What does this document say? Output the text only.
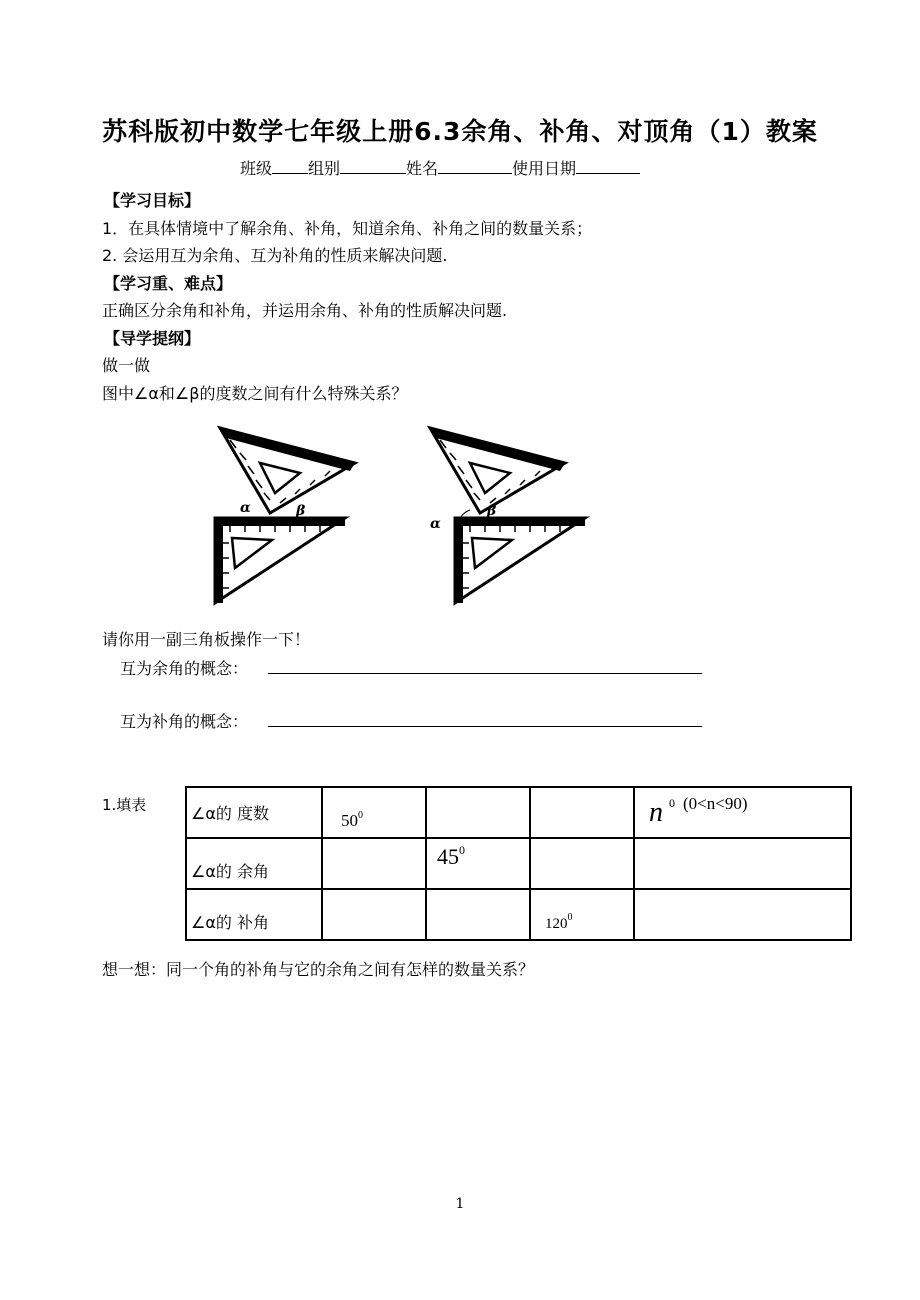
苏科版初中数学七年级上册6.3余角、补角、对顶角（1）教案
班级 组别	姓名	使用日期
【学习目标】
1．在具体情境中了解余角、补角，知道余角、补角之间的数量关系；
2. 会运用互为余角、互为补角的性质来解决问题.
【学习重、难点】
正确区分余角和补角，并运用余角、补角的性质解决问题.
【导学提纲】
做一做
图中∠α和∠β的度数之间有什么特殊关系？
α	β
α
β
请你用一副三角板操作一下！
互为余角的概念：
互为补角的概念：
1.填表	∠α的 度数	$50^0$			n $^0$ (0<n<90)

∠α的 余角		$45^0$

∠α的 补角			$120^0$

想一想：同一个角的补角与它的余角之间有怎样的数量关系？
1
